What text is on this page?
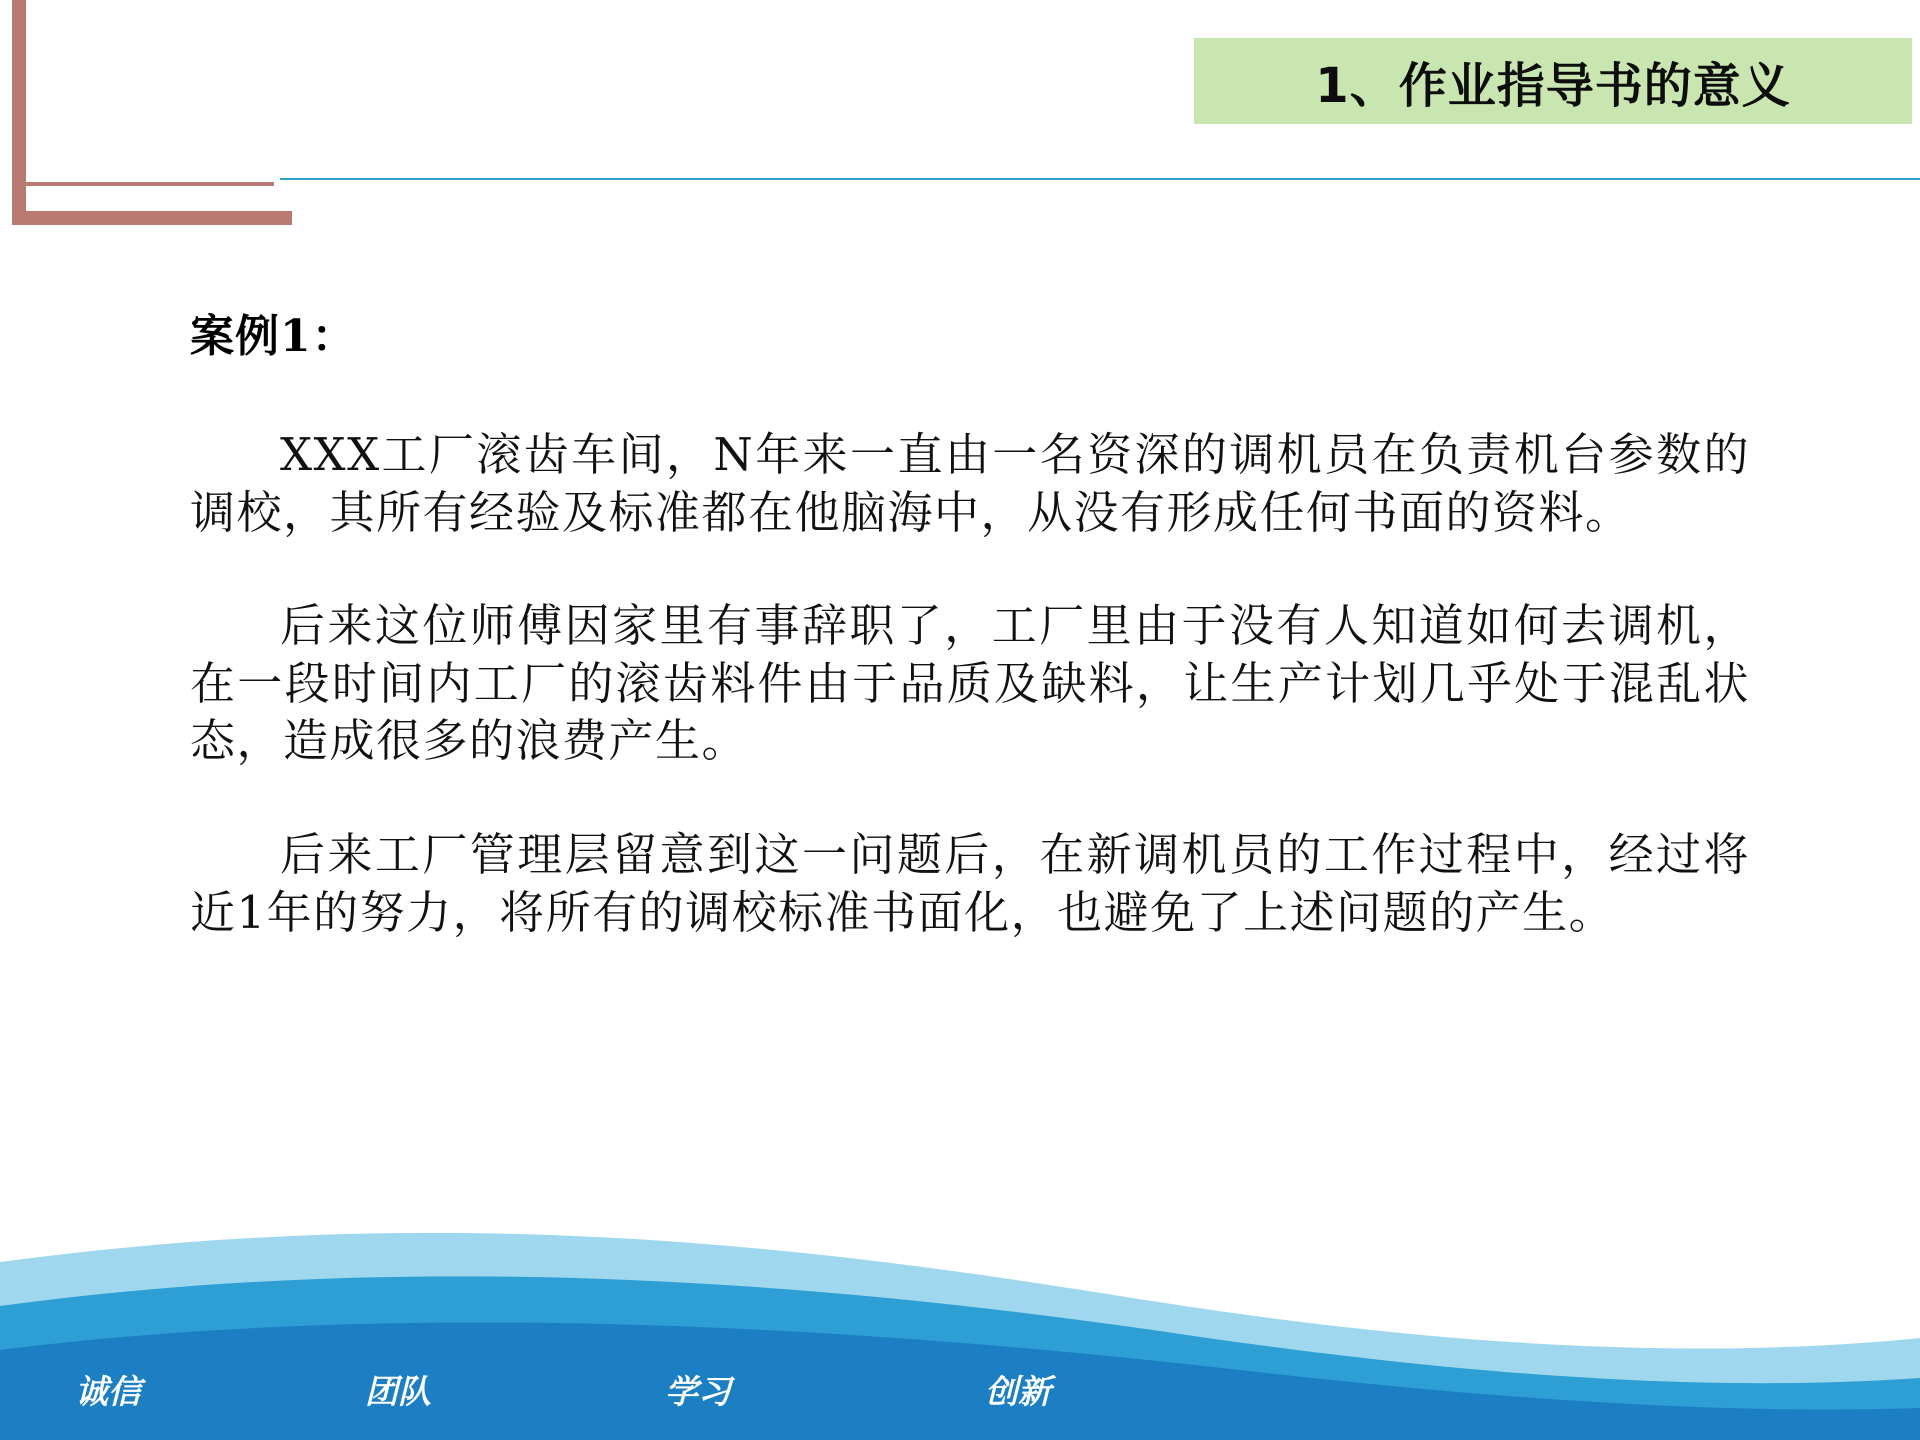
1、作业指导书的意义
案例1：

XXX工厂滚齿车间，N年来一直由一名资深的调机员在负责机台参数的调校，其所有经验及标准都在他脑海中，从没有形成任何书面的资料。

后来这位师傅因家里有事辞职了，工厂里由于没有人知道如何去调机，在一段时间内工厂的滚齿料件由于品质及缺料，让生产计划几乎处于混乱状态，造成很多的浪费产生。

后来工厂管理层留意到这一问题后，在新调机员的工作过程中，经过将近1年的努力，将所有的调校标准书面化，也避免了上述问题的产生。

诚信	团队	学习	创新
